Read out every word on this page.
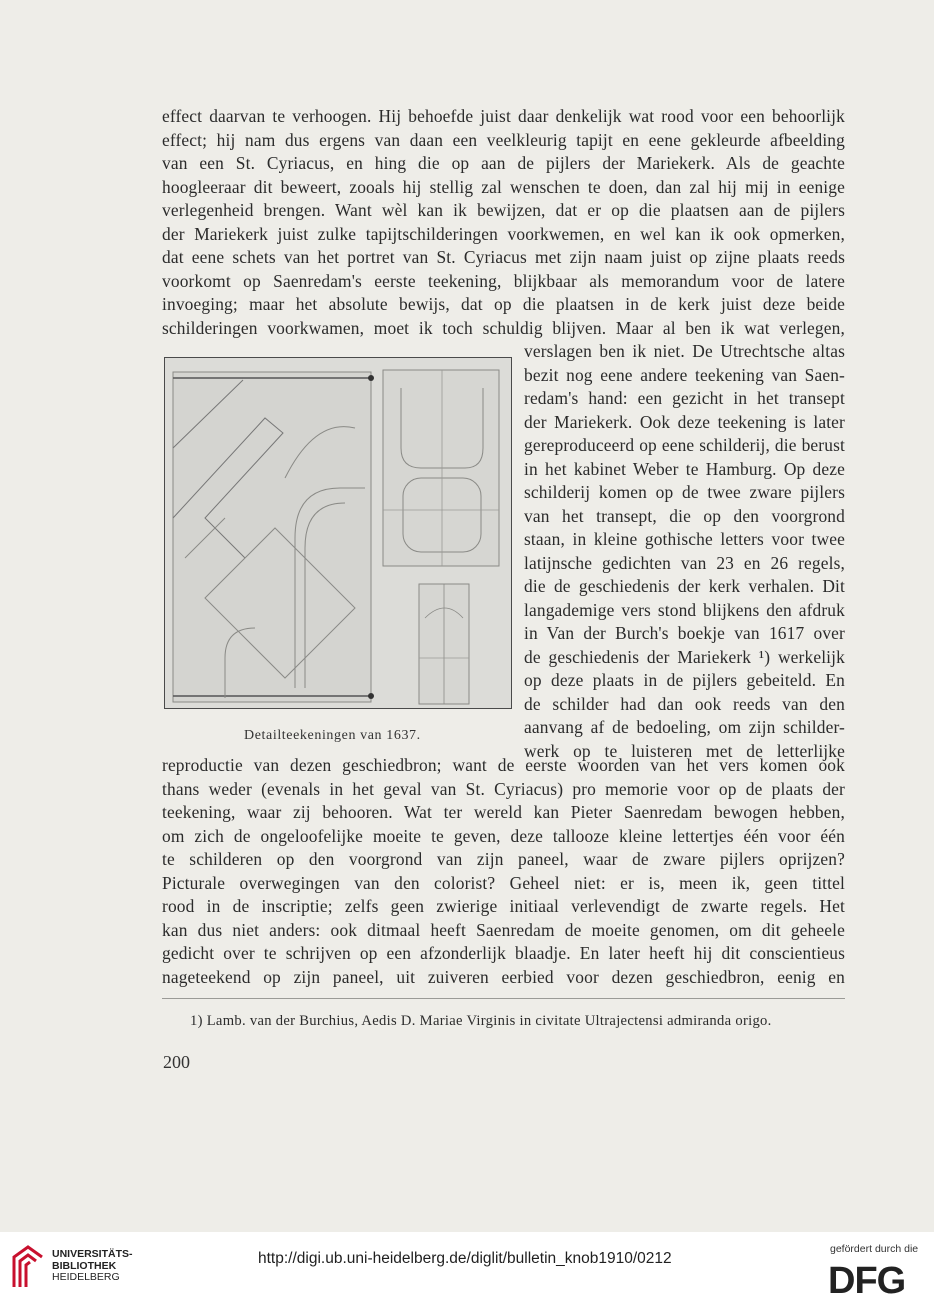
effect daarvan te verhoogen. Hij behoefde juist daar denkelijk wat rood voor een behoorlijk
effect; hij nam dus ergens van daan een veelkleurig tapijt en eene gekleurde afbeelding
van een St. Cyriacus, en hing die op aan de pijlers der Mariekerk. Als de geachte
hoogleeraar dit beweert, zooals hij stellig zal wenschen te doen, dan zal hij mij in eenige
verlegenheid brengen. Want wèl kan ik bewijzen, dat er op die plaatsen aan de pijlers
der Mariekerk juist zulke tapijtschilderingen voorkwemen, en wel kan ik ook opmerken,
dat eene schets van het portret van St. Cyriacus met zijn naam juist op zijne plaats reeds
voorkomt op Saenredam's eerste teekening, blijkbaar als memorandum voor de latere
invoeging; maar het absolute bewijs, dat op die plaatsen in de kerk juist deze beide
schilderingen voorkwamen, moet ik toch schuldig blijven. Maar al ben ik wat verlegen,
Detailteekeningen van 1637.
verslagen ben ik niet. De Utrechtsche altas
bezit nog eene andere teekening van Saen-
redam's hand: een gezicht in het transept
der Mariekerk. Ook deze teekening is later
gereproduceerd op eene schilderij, die berust
in het kabinet Weber te Hamburg. Op deze
schilderij komen op de twee zware pijlers
van het transept, die op den voorgrond
staan, in kleine gothische letters voor twee
latijnsche gedichten van 23 en 26 regels,
die de geschiedenis der kerk verhalen. Dit
langademige vers stond blijkens den afdruk
in Van der Burch's boekje van 1617 over
de geschiedenis der Mariekerk ¹) werkelijk
op deze plaats in de pijlers gebeiteld. En
de schilder had dan ook reeds van den
aanvang af de bedoeling, om zijn schilder-
werk op te luisteren met de letterlijke
reproductie van dezen geschiedbron; want de eerste woorden van het vers komen ook
thans weder (evenals in het geval van St. Cyriacus) pro memorie voor op de plaats der
teekening, waar zij behooren. Wat ter wereld kan Pieter Saenredam bewogen hebben,
om zich de ongeloofelijke moeite te geven, deze tallooze kleine lettertjes één voor één
te schilderen op den voorgrond van zijn paneel, waar de zware pijlers oprijzen?
Picturale overwegingen van den colorist? Geheel niet: er is, meen ik, geen tittel
rood in de inscriptie; zelfs geen zwierige initiaal verlevendigt de zwarte regels. Het
kan dus niet anders: ook ditmaal heeft Saenredam de moeite genomen, om dit geheele
gedicht over te schrijven op een afzonderlijk blaadje. En later heeft hij dit conscientieus
nageteekend op zijn paneel, uit zuiveren eerbied voor dezen geschiedbron, eenig en
1) Lamb. van der Burchius, Aedis D. Mariae Virginis in civitate Ultrajectensi admiranda origo.
200
UNIVERSITÄTS-
BIBLIOTHEK
HEIDELBERG
http://digi.ub.uni-heidelberg.de/diglit/bulletin_knob1910/0212
gefördert durch die
DFG
